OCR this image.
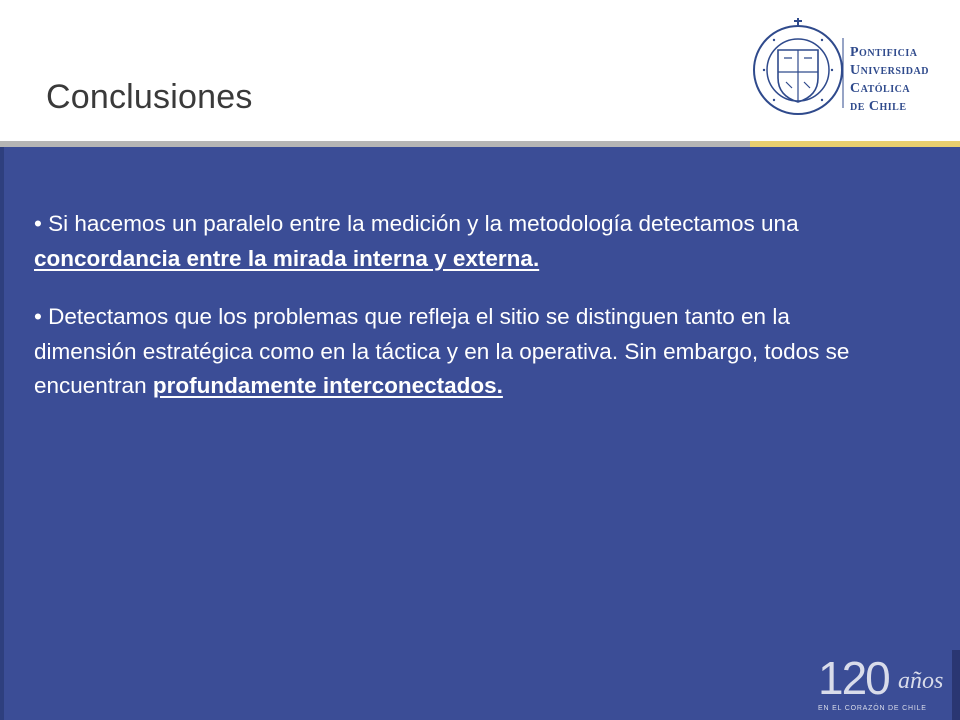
Conclusiones
Pontificia
Universidad
Católica
de Chile

• Si hacemos un paralelo entre la medición y la metodología detectamos una concordancia entre la mirada interna y externa.

• Detectamos que los problemas que refleja el sitio se distinguen tanto en la dimensión estratégica como en la táctica y en la operativa. Sin embargo, todos se encuentran profundamente interconectados.

120 años
EN EL CORAZÓN DE CHILE
